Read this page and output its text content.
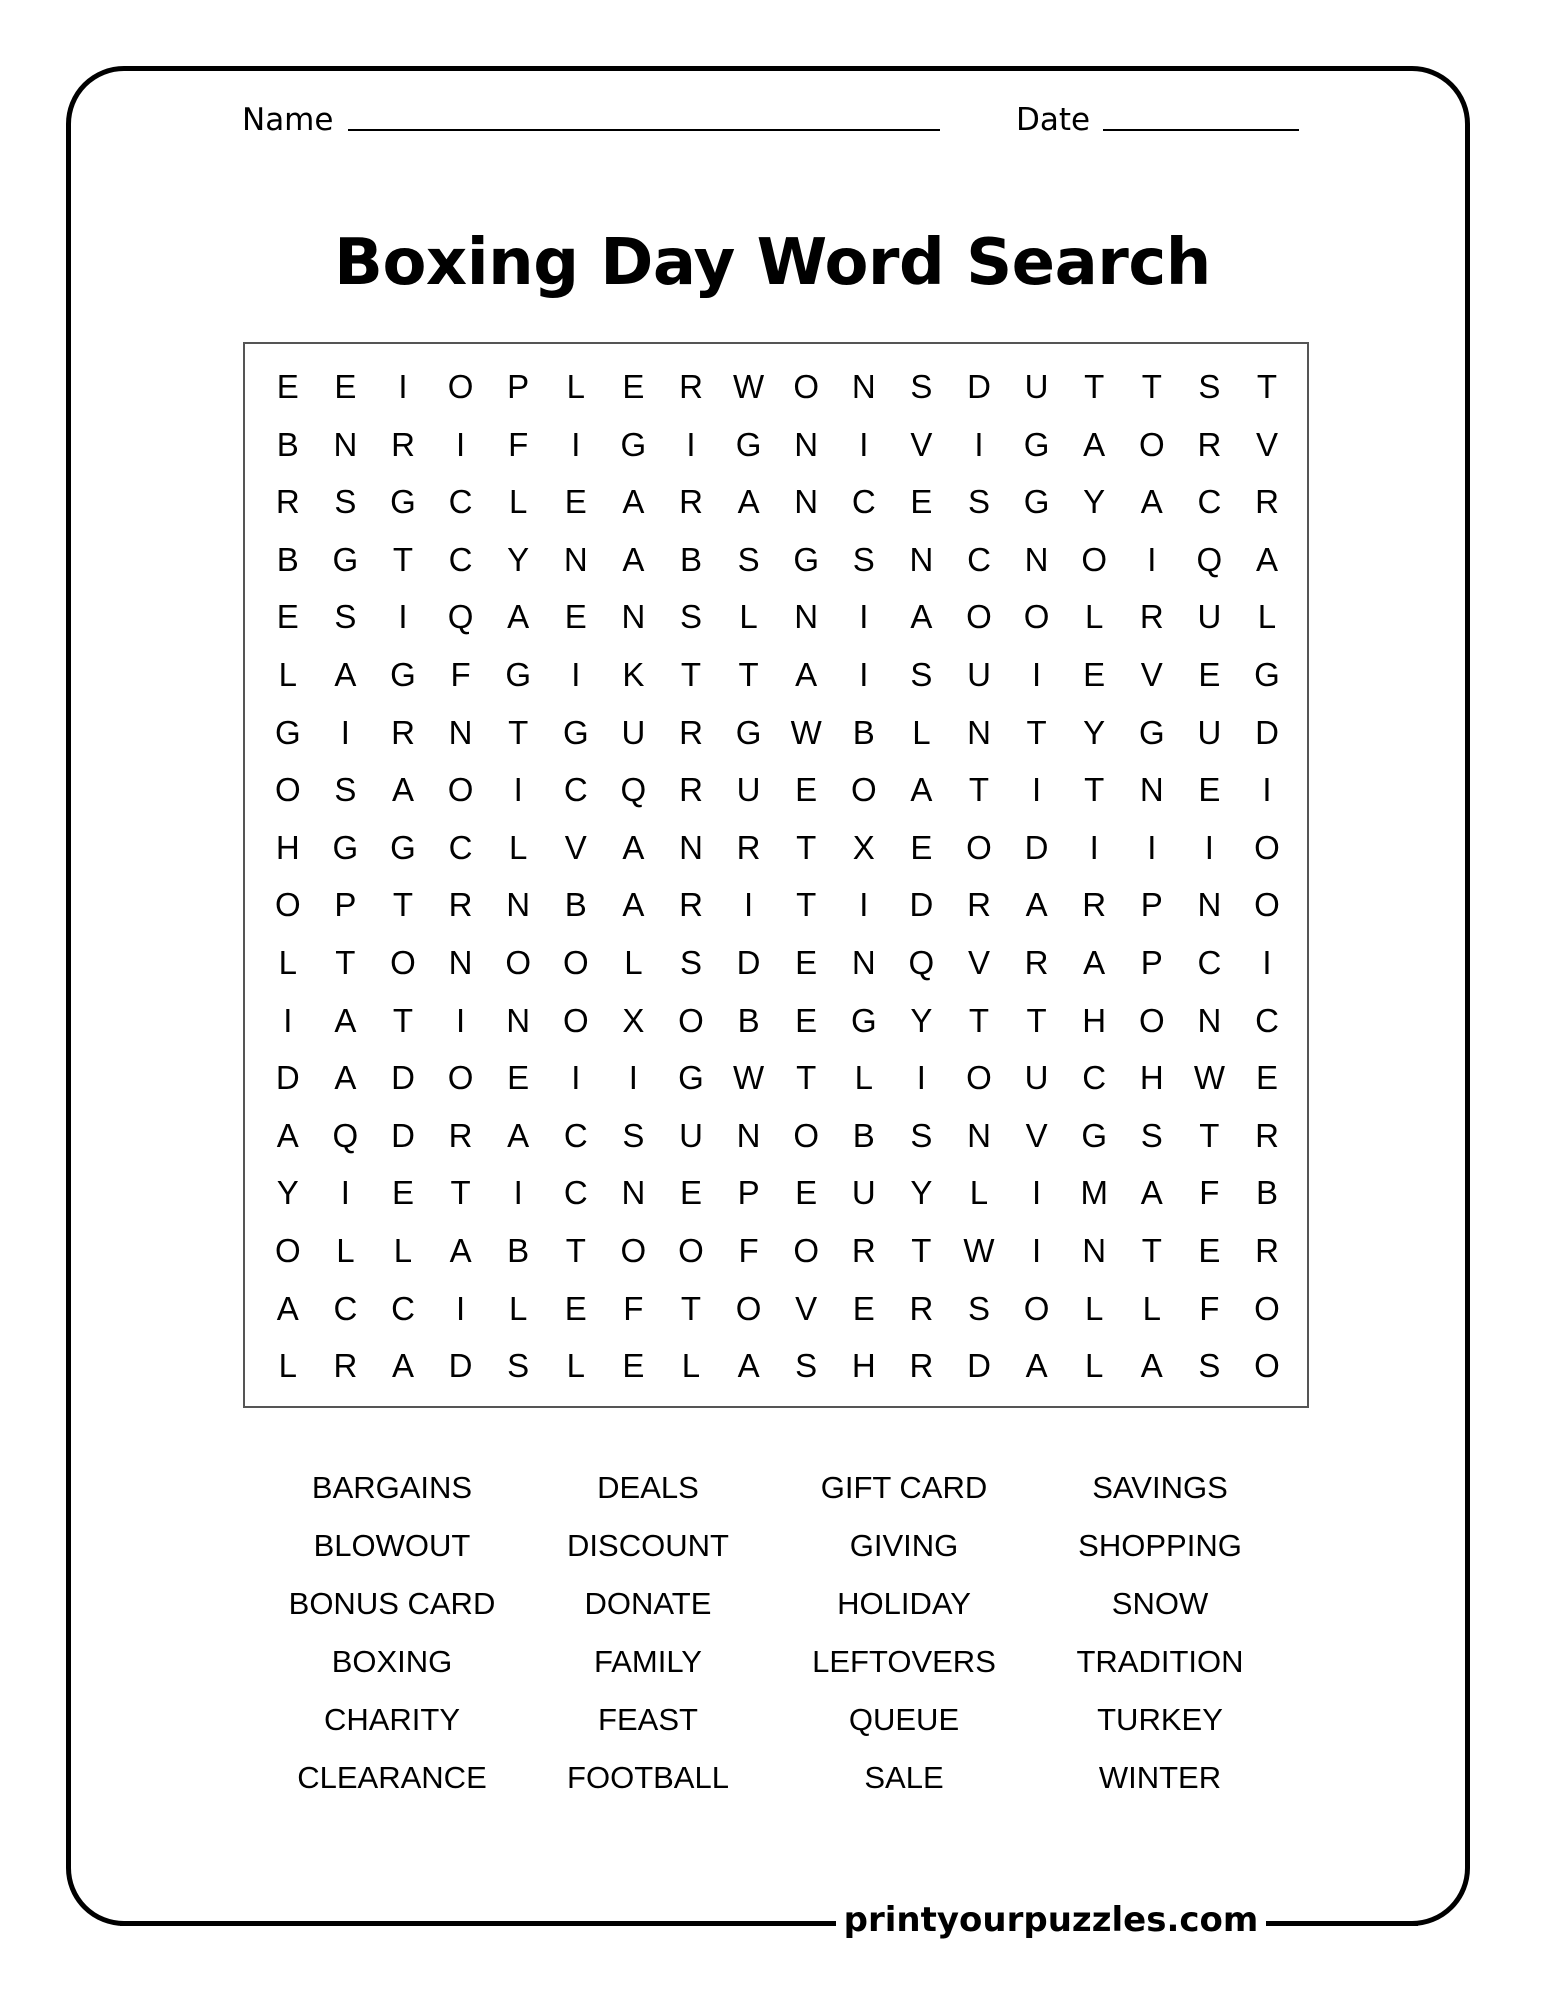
Name	Date
Boxing Day Word Search
E	E	I	O	P	L	E	R W O N	S	D	U	T	T	S	T
B	N	R	I	F	I	G	I	G N	I	V	I	G	A	O R	V
R	S	G C	L	E	A	R	A	N	C	E	S	G	Y	A	C	R
B	G	T	C	Y	N	A	B	S	G	S	N	C	N O	I	Q	A
E	S	I	Q	A	E	N	S	L	N	I	A	O O	L	R	U	L
L	A	G	F	G	I	K	T	T	A	I	S	U	I	E	V	E	G
G	I	R	N	T	G U	R G W B	L	N	T	Y	G U	D
O	S	A	O	I	C Q R	U	E	O	A	T	I	T	N	E	I
H G G C	L	V	A	N	R	T	X	E	O D	I	I	I	O
O	P	T	R	N	B	A	R	I	T	I	D	R	A	R	P	N O
L	T	O N O O	L	S	D	E	N Q	V	R	A	P	C	I
I	A	T	I	N O	X	O	B	E	G	Y	T	T	H O N	C
D	A	D O	E	I	I	G W T	L	I	O U	C	H W E
A	Q D	R	A	C	S	U	N O	B	S	N	V	G	S	T	R
Y	I	E	T	I	C	N	E	P	E	U	Y	L	I	M A	F	B
O	L	L	A	B	T	O O	F	O R	T W	I	N	T	E	R
A	C	C	I	L	E	F	T	O	V	E	R	S	O	L	L	F	O
L	R	A	D	S	L	E	L	A	S	H	R	D	A	L	A	S	O
BARGAINS	DEALS	GIFT CARD	SAVINGS
BLOWOUT	DISCOUNT	GIVING	SHOPPING
BONUS CARD	DONATE	HOLIDAY	SNOW
BOXING	FAMILY	LEFTOVERS	TRADITION
CHARITY	FEAST	QUEUE	TURKEY
CLEARANCE	FOOTBALL	SALE	WINTER
printyourpuzzles.com
